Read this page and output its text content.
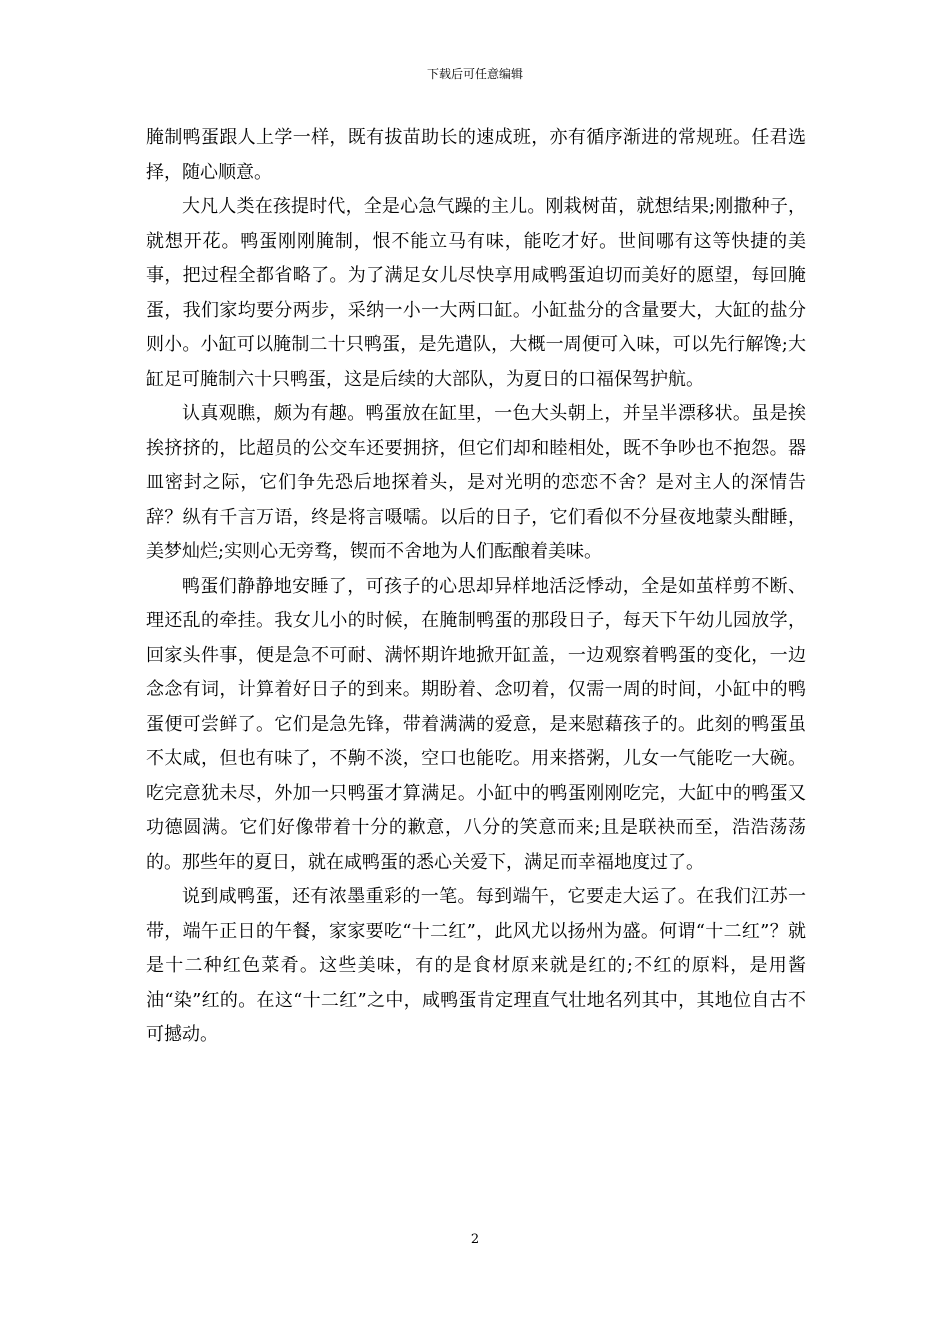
下载后可任意编辑

腌制鸭蛋跟人上学一样，既有拔苗助长的速成班，亦有循序渐进的常规班。任君选择，随心顺意。

大凡人类在孩提时代，全是心急气躁的主儿。刚栽树苗，就想结果;刚撒种子，就想开花。鸭蛋刚刚腌制，恨不能立马有味，能吃才好。世间哪有这等快捷的美事，把过程全都省略了。为了满足女儿尽快享用咸鸭蛋迫切而美好的愿望，每回腌蛋，我们家均要分两步，采纳一小一大两口缸。小缸盐分的含量要大，大缸的盐分则小。小缸可以腌制二十只鸭蛋，是先遣队，大概一周便可入味，可以先行解馋;大缸足可腌制六十只鸭蛋，这是后续的大部队，为夏日的口福保驾护航。

认真观瞧，颇为有趣。鸭蛋放在缸里，一色大头朝上，并呈半漂移状。虽是挨挨挤挤的，比超员的公交车还要拥挤，但它们却和睦相处，既不争吵也不抱怨。器皿密封之际，它们争先恐后地探着头，是对光明的恋恋不舍？是对主人的深情告辞？纵有千言万语，终是将言嗫嚅。以后的日子，它们看似不分昼夜地蒙头酣睡，美梦灿烂;实则心无旁骛，锲而不舍地为人们酝酿着美味。

鸭蛋们静静地安睡了，可孩子的心思却异样地活泛悸动，全是如茧样剪不断、理还乱的牵挂。我女儿小的时候，在腌制鸭蛋的那段日子，每天下午幼儿园放学，回家头件事，便是急不可耐、满怀期许地掀开缸盖，一边观察着鸭蛋的变化，一边念念有词，计算着好日子的到来。期盼着、念叨着，仅需一周的时间，小缸中的鸭蛋便可尝鲜了。它们是急先锋，带着满满的爱意，是来慰藉孩子的。此刻的鸭蛋虽不太咸，但也有味了，不齁不淡，空口也能吃。用来搭粥，儿女一气能吃一大碗。吃完意犹未尽，外加一只鸭蛋才算满足。小缸中的鸭蛋刚刚吃完，大缸中的鸭蛋又功德圆满。它们好像带着十分的歉意，八分的笑意而来;且是联袂而至，浩浩荡荡的。那些年的夏日，就在咸鸭蛋的悉心关爱下，满足而幸福地度过了。

说到咸鸭蛋，还有浓墨重彩的一笔。每到端午，它要走大运了。在我们江苏一带，端午正日的午餐，家家要吃“十二红”，此风尤以扬州为盛。何谓“十二红”？就是十二种红色菜肴。这些美味，有的是食材原来就是红的;不红的原料，是用酱油“染”红的。在这“十二红”之中，咸鸭蛋肯定理直气壮地名列其中，其地位自古不可撼动。

2
